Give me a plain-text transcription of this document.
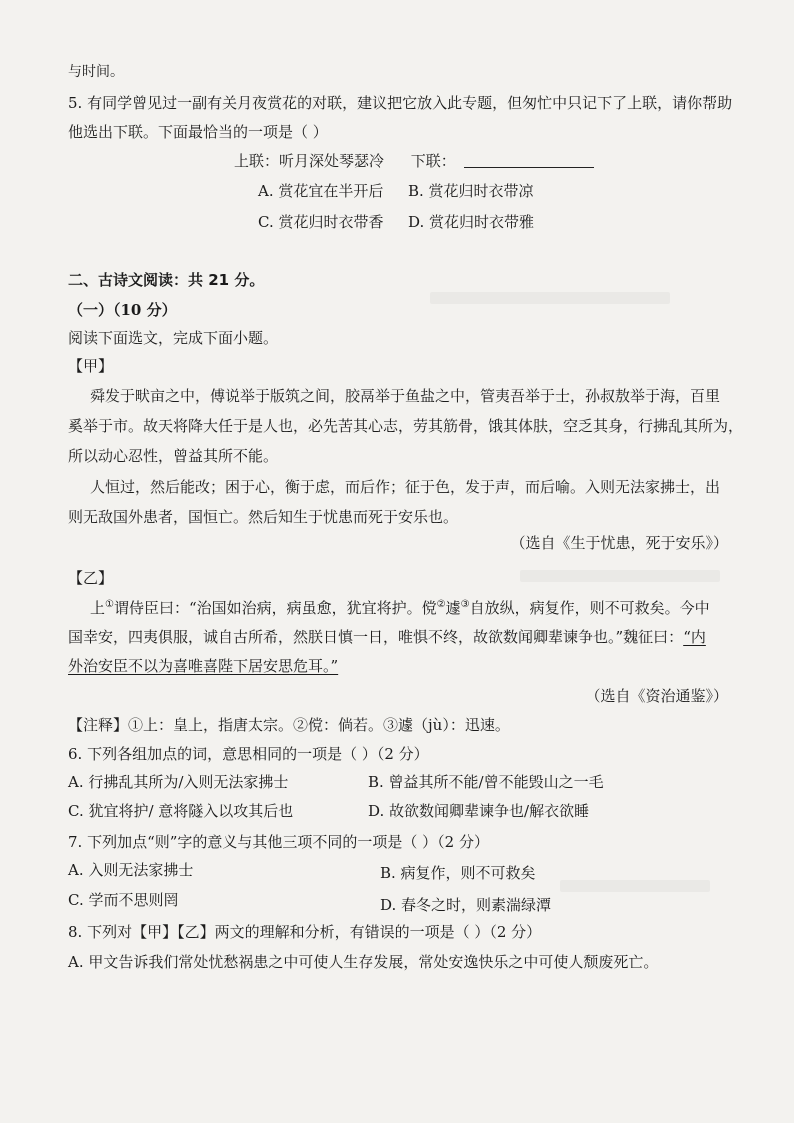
与时间。
5. 有同学曾见过一副有关月夜赏花的对联，建议把它放入此专题，但匆忙中只记下了上联，请你帮助
他选出下联。下面最恰当的一项是（ ）
上联：听月深处琴瑟冷 下联：
A. 赏花宜在半开后 B. 赏花归时衣带凉
C. 赏花归时衣带香 D. 赏花归时衣带雅
二、古诗文阅读：共 21 分。
（一）（10 分）
阅读下面选文，完成下面小题。
【甲】
舜发于畎亩之中，傅说举于版筑之间，胶鬲举于鱼盐之中，管夷吾举于士，孙叔敖举于海，百里
奚举于市。故天将降大任于是人也，必先苦其心志，劳其筋骨，饿其体肤，空乏其身，行拂乱其所为，
所以动心忍性，曾益其所不能。
人恒过，然后能改；困于心，衡于虑，而后作；征于色，发于声，而后喻。入则无法家拂士，出
则无敌国外患者，国恒亡。然后知生于忧患而死于安乐也。
（选自《生于忧患，死于安乐》）
【乙】
上①谓侍臣曰：“治国如治病，病虽愈，犹宜将护。傥②遽③自放纵，病复作，则不可救矣。今中
国幸安，四夷俱服，诚自古所希，然朕日慎一日，唯惧不终，故欲数闻卿辈谏争也。”魏征曰：“内
外治安臣不以为喜唯喜陛下居安思危耳。”
（选自《资治通鉴》）
【注释】①上：皇上，指唐太宗。②傥：倘若。③遽（jù）：迅速。
6. 下列各组加点的词，意思相同的一项是（ ）（2 分）
A. 行拂乱其所为/入则无法家拂士	B. 曾益其所不能/曾不能毁山之一毛
C. 犹宜将护/ 意将隧入以攻其后也	D. 故欲数闻卿辈谏争也/解衣欲睡
7. 下列加点“则”字的意义与其他三项不同的一项是（ ）（2 分）
A. 入则无法家拂士	B. 病复作，则不可救矣
C. 学而不思则罔	D. 春冬之时，则素湍绿潭
8. 下列对【甲】【乙】两文的理解和分析，有错误的一项是（ ）（2 分）
A. 甲文告诉我们常处忧愁祸患之中可使人生存发展，常处安逸快乐之中可使人颓废死亡。
